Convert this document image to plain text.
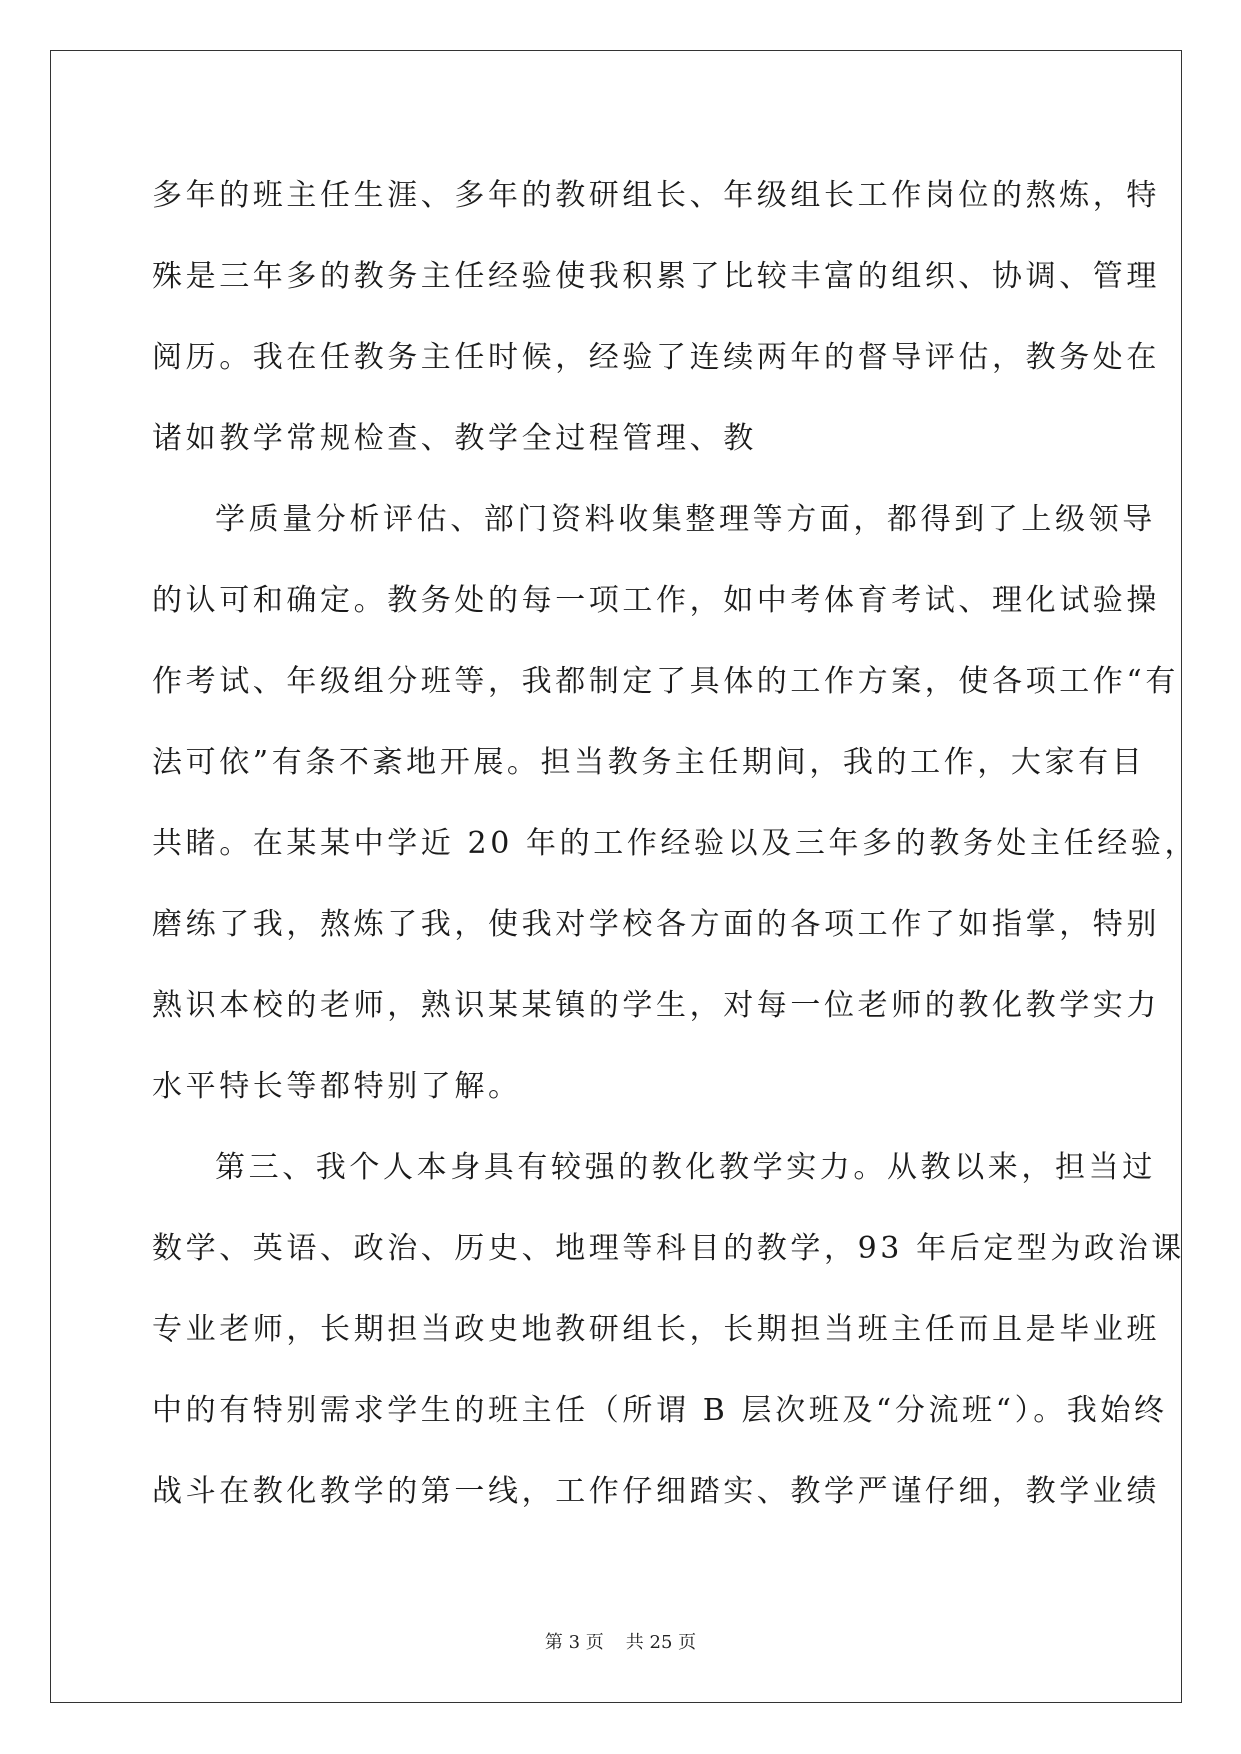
多年的班主任生涯、多年的教研组长、年级组长工作岗位的熬炼，特
殊是三年多的教务主任经验使我积累了比较丰富的组织、协调、管理
阅历。我在任教务主任时候，经验了连续两年的督导评估，教务处在
诸如教学常规检查、教学全过程管理、教
学质量分析评估、部门资料收集整理等方面，都得到了上级领导
的认可和确定。教务处的每一项工作，如中考体育考试、理化试验操
作考试、年级组分班等，我都制定了具体的工作方案，使各项工作“有
法可依”有条不紊地开展。担当教务主任期间，我的工作，大家有目
共睹。在某某中学近 20 年的工作经验以及三年多的教务处主任经验，
磨练了我，熬炼了我，使我对学校各方面的各项工作了如指掌，特别
熟识本校的老师，熟识某某镇的学生，对每一位老师的教化教学实力
水平特长等都特别了解。
第三、我个人本身具有较强的教化教学实力。从教以来，担当过
数学、英语、政治、历史、地理等科目的教学，93 年后定型为政治课
专业老师，长期担当政史地教研组长，长期担当班主任而且是毕业班
中的有特别需求学生的班主任（所谓 B 层次班及“分流班“）。我始终
战斗在教化教学的第一线，工作仔细踏实、教学严谨仔细，教学业绩
第 3 页 共 25 页
